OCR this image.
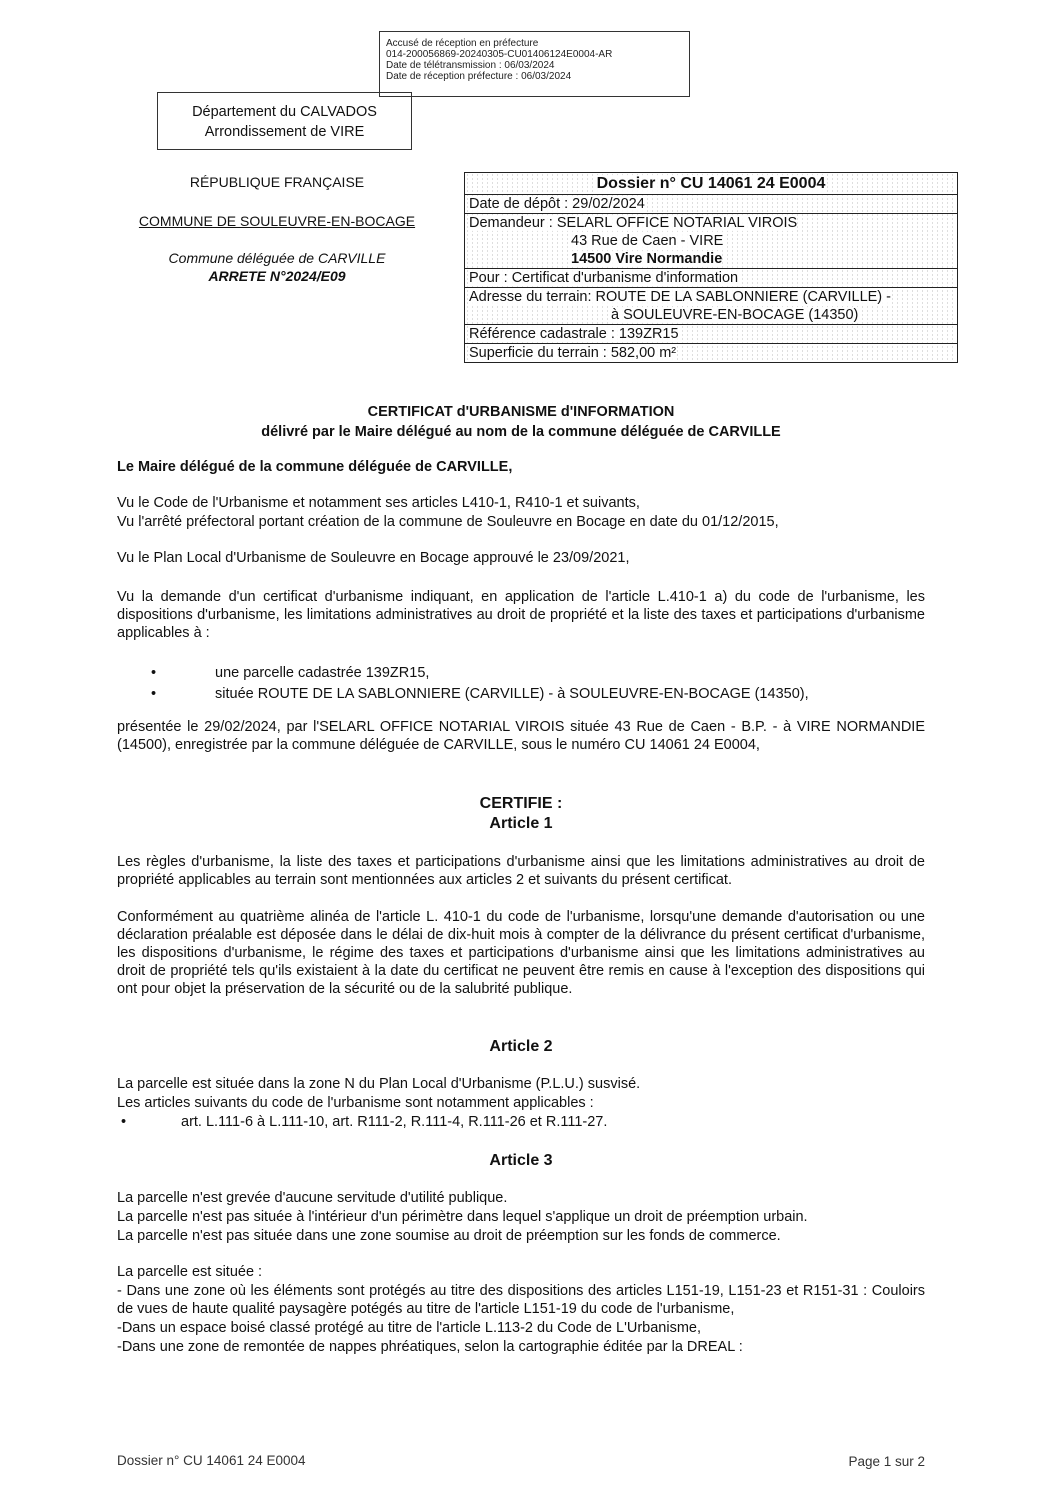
Accusé de réception en préfecture
014-200056869-20240305-CU01406124E0004-AR
Date de télétransmission : 06/03/2024
Date de réception préfecture : 06/03/2024
Département du CALVADOS
Arrondissement de VIRE
RÉPUBLIQUE FRANÇAISE
COMMUNE DE SOULEUVRE-EN-BOCAGE
Commune déléguée de CARVILLE
ARRETE N°2024/E09
Dossier n° CU 14061 24 E0004
Date de dépôt : 29/02/2024
Demandeur : SELARL OFFICE NOTARIAL VIROIS
43 Rue de Caen - VIRE
14500 Vire Normandie
Pour : Certificat d'urbanisme d'information
Adresse du terrain: ROUTE DE LA SABLONNIERE (CARVILLE) -
à SOULEUVRE-EN-BOCAGE (14350)
Référence cadastrale : 139ZR15
Superficie du terrain : 582,00 m²
CERTIFICAT d'URBANISME d'INFORMATION
délivré par le Maire délégué au nom de la commune déléguée de CARVILLE
Le Maire délégué de la commune déléguée de CARVILLE,
Vu le Code de l'Urbanisme et notamment ses articles L410-1, R410-1 et suivants,
Vu l'arrêté préfectoral portant création de la commune de Souleuvre en Bocage en date du 01/12/2015,
Vu le Plan Local d'Urbanisme de Souleuvre en Bocage approuvé le 23/09/2021,
Vu la demande d'un certificat d'urbanisme indiquant, en application de l'article L.410-1 a) du code de l'urbanisme, les dispositions d'urbanisme, les limitations administratives au droit de propriété et la liste des taxes et participations d'urbanisme applicables à :
• une parcelle cadastrée 139ZR15,
• située ROUTE DE LA SABLONNIERE (CARVILLE) - à SOULEUVRE-EN-BOCAGE (14350),
présentée le 29/02/2024, par l'SELARL OFFICE NOTARIAL VIROIS située 43 Rue de Caen - B.P. - à VIRE NORMANDIE (14500), enregistrée par la commune déléguée de CARVILLE, sous le numéro CU 14061 24 E0004,
CERTIFIE :
Article 1
Les règles d'urbanisme, la liste des taxes et participations d'urbanisme ainsi que les limitations administratives au droit de propriété applicables au terrain sont mentionnées aux articles 2 et suivants du présent certificat.
Conformément au quatrième alinéa de l'article L. 410-1 du code de l'urbanisme, lorsqu'une demande d'autorisation ou une déclaration préalable est déposée dans le délai de dix-huit mois à compter de la délivrance du présent certificat d'urbanisme, les dispositions d'urbanisme, le régime des taxes et participations d'urbanisme ainsi que les limitations administratives au droit de propriété tels qu'ils existaient à la date du certificat ne peuvent être remis en cause à l'exception des dispositions qui ont pour objet la préservation de la sécurité ou de la salubrité publique.
Article 2
La parcelle est située dans la zone N du Plan Local d'Urbanisme (P.L.U.) susvisé.
Les articles suivants du code de l'urbanisme sont notamment applicables :
• art. L.111-6 à L.111-10, art. R111-2, R.111-4, R.111-26 et R.111-27.
Article 3
La parcelle n'est grevée d'aucune servitude d'utilité publique.
La parcelle n'est pas située à l'intérieur d'un périmètre dans lequel s'applique un droit de préemption urbain.
La parcelle n'est pas située dans une zone soumise au droit de préemption sur les fonds de commerce.
La parcelle est située :
- Dans une zone où les éléments sont protégés au titre des dispositions des articles L151-19, L151-23 et R151-31 : Couloirs de vues de haute qualité paysagère potégés au titre de l'article L151-19 du code de l'urbanisme,
-Dans un espace boisé classé protégé au titre de l'article L.113-2 du Code de L'Urbanisme,
-Dans une zone de remontée de nappes phréatiques, selon la cartographie éditée par la DREAL :
Dossier n° CU 14061 24 E0004	Page 1 sur 2
